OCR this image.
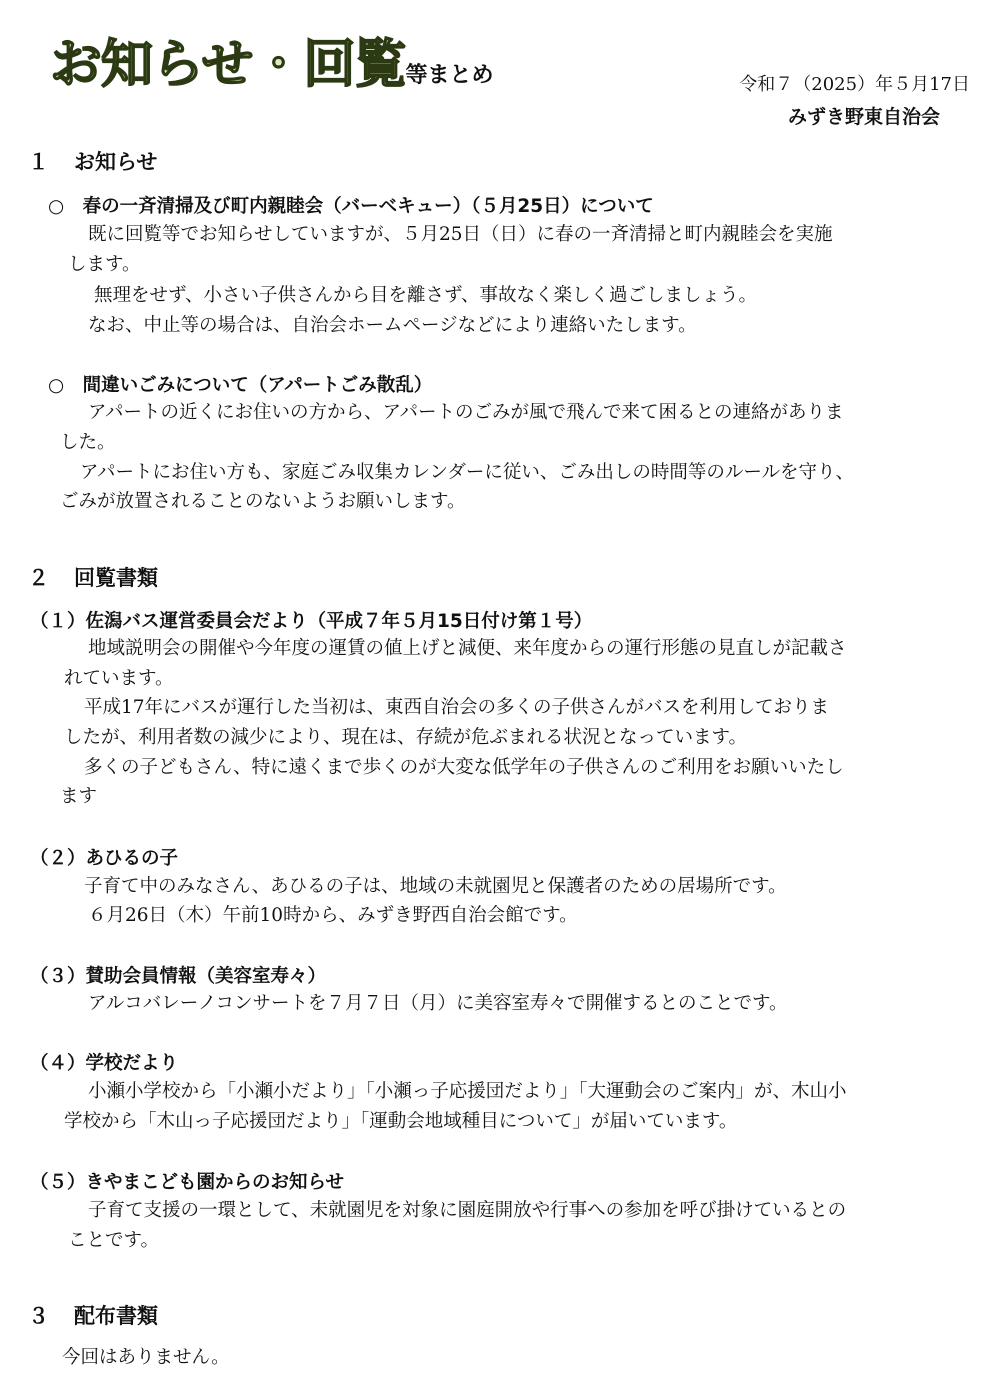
お知らせ・回覧等まとめ	令和７（2025）年５月17日
みずき野東自治会
１ お知らせ
○　春の一斉清掃及び町内親睦会（バーベキュー）（５月25日）について
既に回覧等でお知らせしていますが、５月25日（日）に春の一斉清掃と町内親睦会を実施
します。
無理をせず、小さい子供さんから目を離さず、事故なく楽しく過ごしましょう。
なお、中止等の場合は、自治会ホームページなどにより連絡いたします。
○　間違いごみについて（アパートごみ散乱）
アパートの近くにお住いの方から、アパートのごみが風で飛んで来て困るとの連絡がありま
した。
アパートにお住い方も、家庭ごみ収集カレンダーに従い、ごみ出しの時間等のルールを守り、
ごみが放置されることのないようお願いします。
２ 回覧書類
（１）佐潟バス運営委員会だより（平成７年５月15日付け第１号）
地域説明会の開催や今年度の運賃の値上げと減便、来年度からの運行形態の見直しが記載さ
れています。
平成17年にバスが運行した当初は、東西自治会の多くの子供さんがバスを利用しておりま
したが、利用者数の減少により、現在は、存続が危ぶまれる状況となっています。
多くの子どもさん、特に遠くまで歩くのが大変な低学年の子供さんのご利用をお願いいたし
ます
（２）あひるの子
子育て中のみなさん、あひるの子は、地域の未就園児と保護者のための居場所です。
６月26日（木）午前10時から、みずき野西自治会館です。
（３）賛助会員情報（美容室寿々）
アルコバレーノコンサートを７月７日（月）に美容室寿々で開催するとのことです。
（４）学校だより
小瀬小学校から「小瀬小だより」「小瀬っ子応援団だより」「大運動会のご案内」が、木山小
学校から「木山っ子応援団だより」「運動会地域種目について」が届いています。
（５）きやまこども園からのお知らせ
子育て支援の一環として、未就園児を対象に園庭開放や行事への参加を呼び掛けているとの
ことです。
３ 配布書類
今回はありません。
